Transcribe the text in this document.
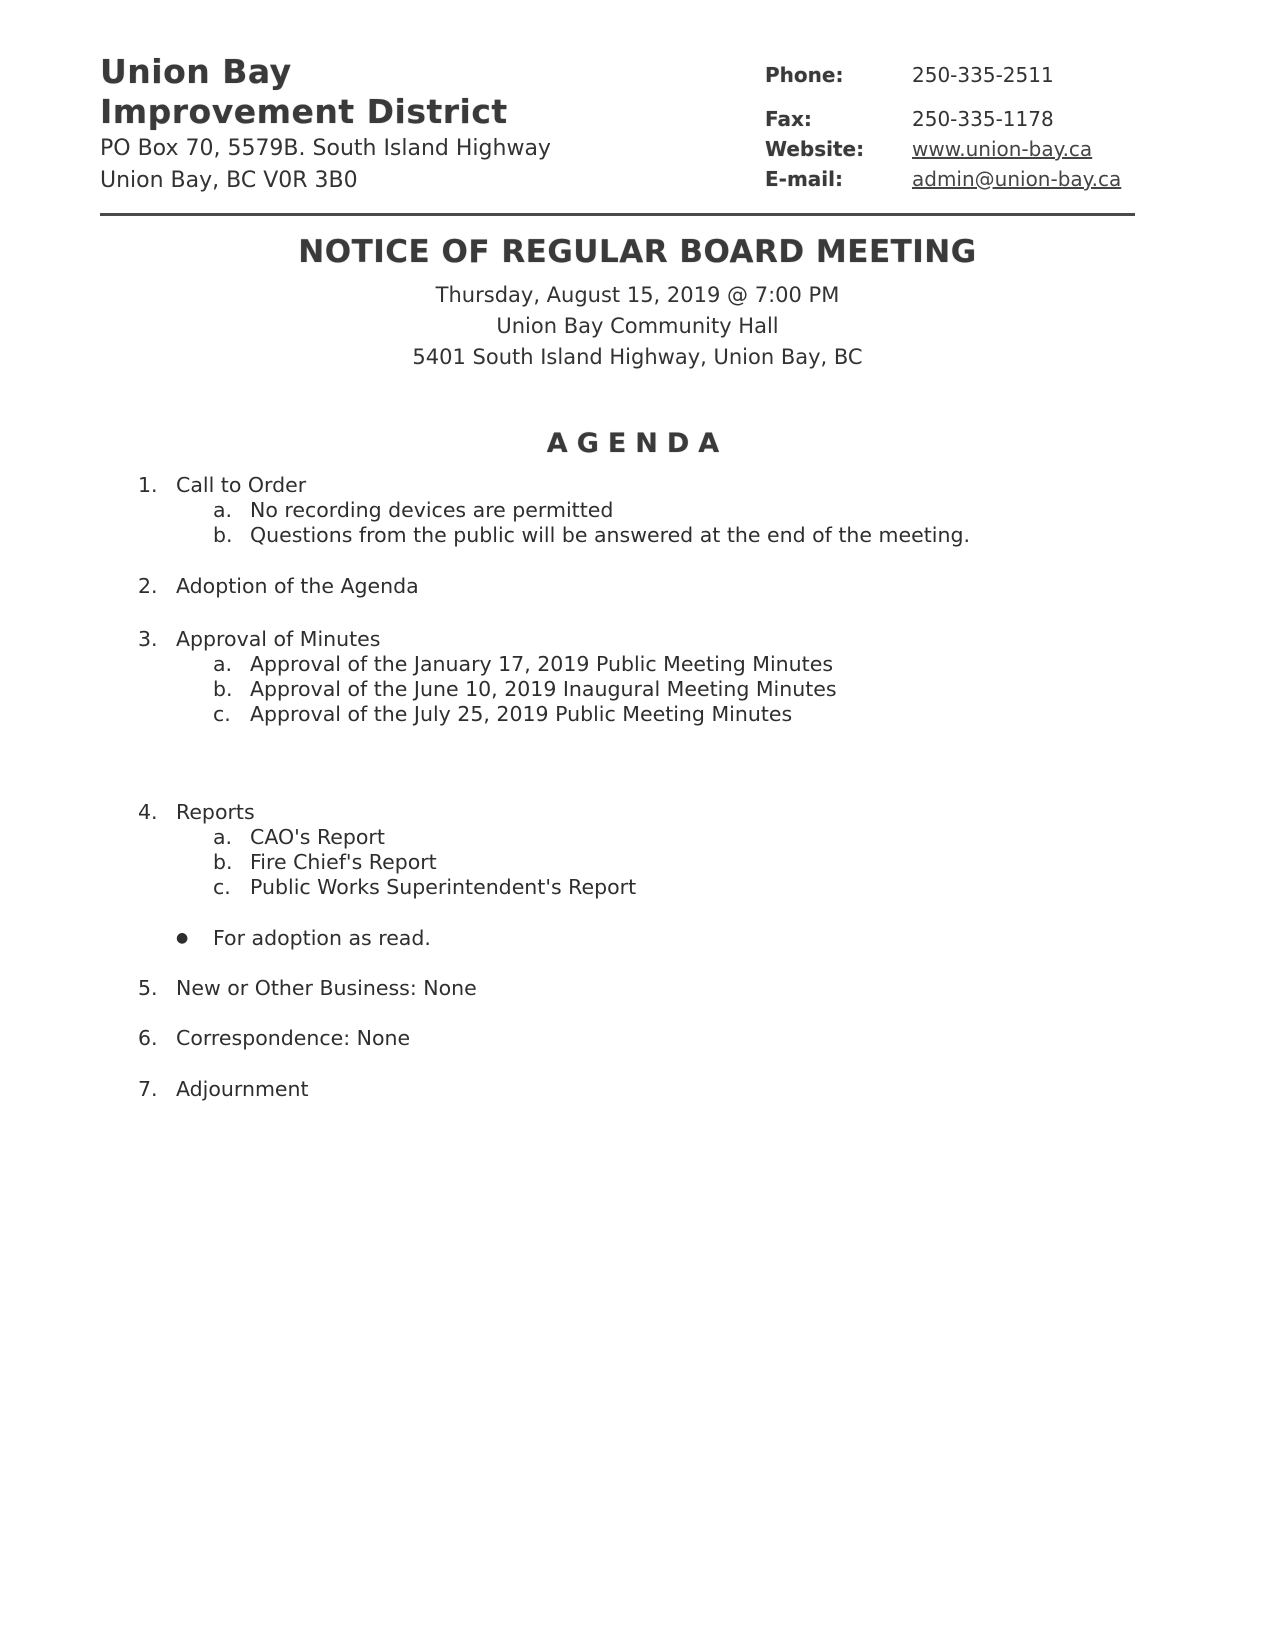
Union Bay
Improvement District
PO Box 70, 5579B. South Island Highway
Union Bay, BC V0R 3B0
Phone:	250-335-2511
Fax:	250-335-1178
Website:	www.union-bay.ca
E-mail:	admin@union-bay.ca
NOTICE OF REGULAR BOARD MEETING
Thursday, August 15, 2019 @ 7:00 PM
Union Bay Community Hall
5401 South Island Highway, Union Bay, BC
AGENDA
1. Call to Order
a. No recording devices are permitted
b. Questions from the public will be answered at the end of the meeting.
2. Adoption of the Agenda
3. Approval of Minutes
a. Approval of the January 17, 2019 Public Meeting Minutes
b. Approval of the June 10, 2019 Inaugural Meeting Minutes
c. Approval of the July 25, 2019 Public Meeting Minutes
4. Reports
a. CAO's Report
b. Fire Chief's Report
c. Public Works Superintendent's Report
● For adoption as read.
5. New or Other Business: None
6. Correspondence: None
7. Adjournment
